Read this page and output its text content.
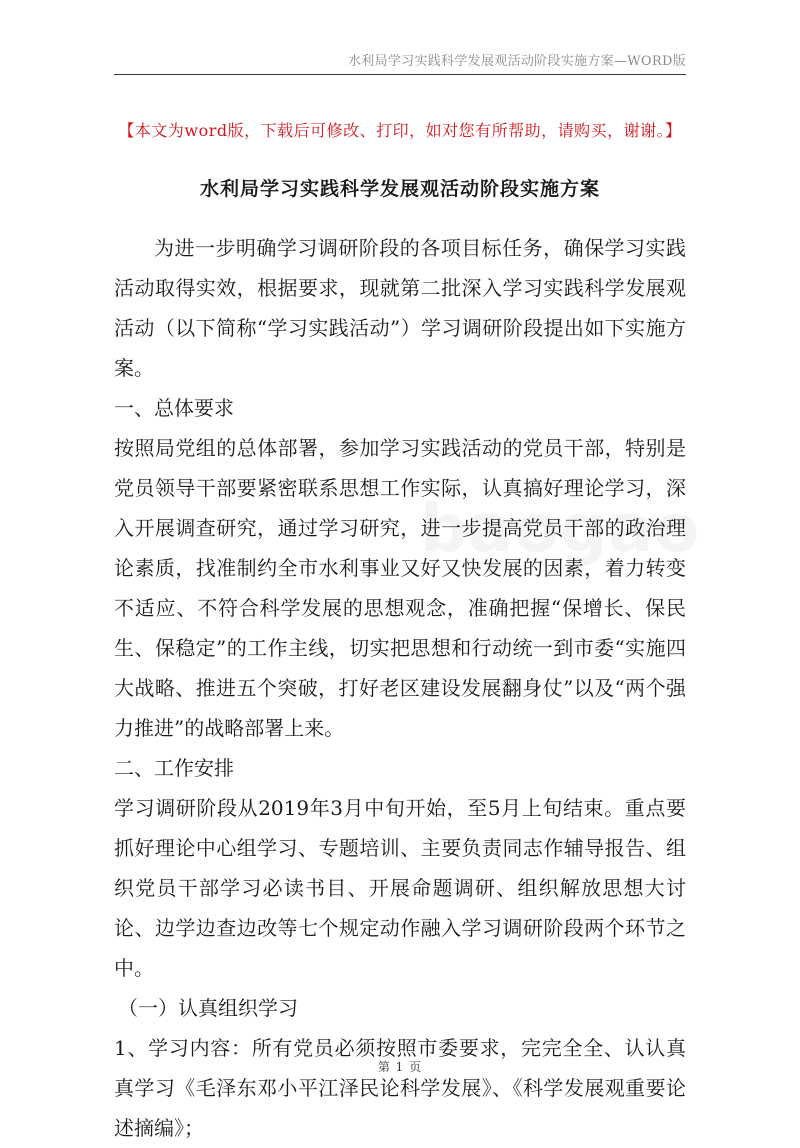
水利局学习实践科学发展观活动阶段实施方案—WORD版
【本文为word版，下载后可修改、打印，如对您有所帮助，请购买，谢谢。】
水利局学习实践科学发展观活动阶段实施方案

为进一步明确学习调研阶段的各项目标任务，确保学习实践活动取得实效，根据要求，现就第二批深入学习实践科学发展观活动（以下简称“学习实践活动”）学习调研阶段提出如下实施方案。

一、总体要求

按照局党组的总体部署，参加学习实践活动的党员干部，特别是党员领导干部要紧密联系思想工作实际，认真搞好理论学习，深入开展调查研究，通过学习研究，进一步提高党员干部的政治理论素质，找准制约全市水利事业又好又快发展的因素，着力转变不适应、不符合科学发展的思想观念，准确把握“保增长、保民生、保稳定”的工作主线，切实把思想和行动统一到市委“实施四大战略、推进五个突破，打好老区建设发展翻身仗”以及“两个强力推进”的战略部署上来。

二、工作安排

学习调研阶段从2019年3月中旬开始，至5月上旬结束。重点要抓好理论中心组学习、专题培训、主要负责同志作辅导报告、组织党员干部学习必读书目、开展命题调研、组织解放思想大讨论、边学边查边改等七个规定动作融入学习调研阶段两个环节之中。

（一）认真组织学习

1、学习内容：所有党员必须按照市委要求，完完全全、认认真真学习《毛泽东邓小平江泽民论科学发展》、《科学发展观重要论述摘编》；

第 1 页
